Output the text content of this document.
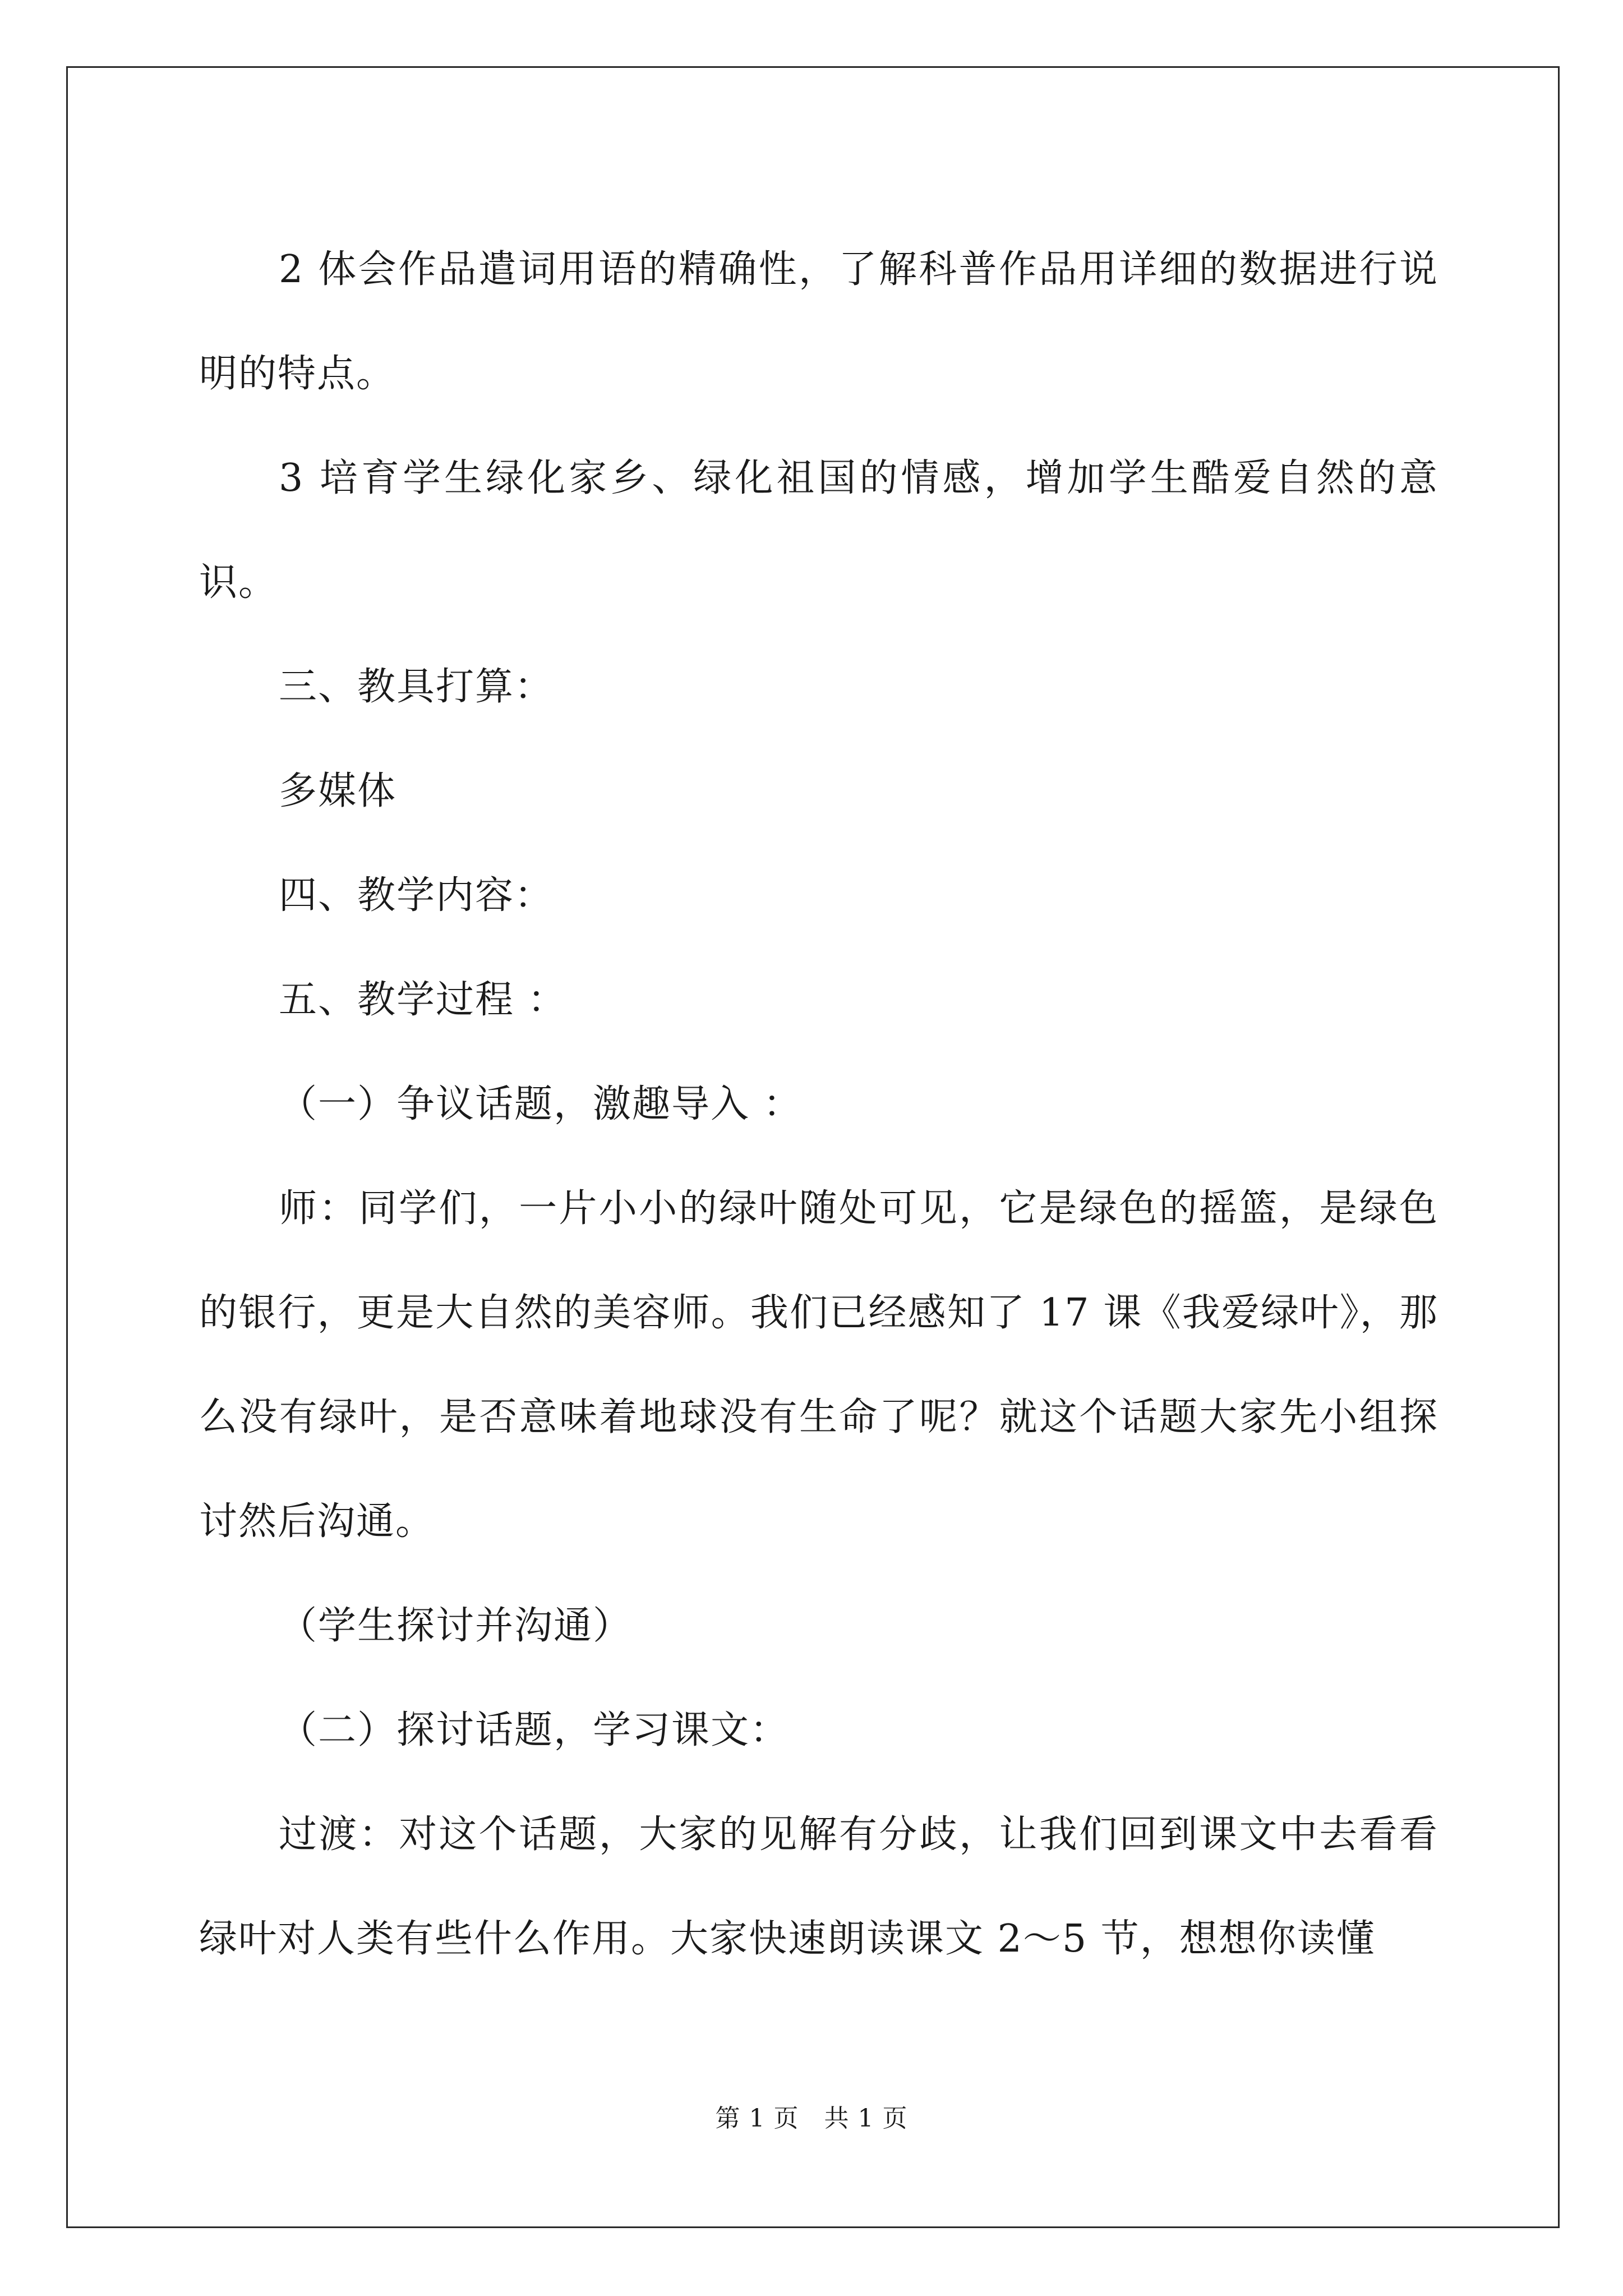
2 体会作品遣词用语的精确性，了解科普作品用详细的数据进行说明的特点。

3 培育学生绿化家乡、绿化祖国的情感，增加学生酷爱自然的意识。

三、教具打算：

多媒体

四、教学内容：

五、教学过程 ：

（一）争议话题，激趣导入 ：

师：同学们，一片小小的绿叶随处可见，它是绿色的摇篮，是绿色的银行，更是大自然的美容师。我们已经感知了 17 课《我爱绿叶》，那么没有绿叶，是否意味着地球没有生命了呢？就这个话题大家先小组探讨然后沟通。

（学生探讨并沟通）

（二）探讨话题，学习课文：

过渡：对这个话题，大家的见解有分歧，让我们回到课文中去看看绿叶对人类有些什么作用。大家快速朗读课文 2～5 节，想想你读懂

第 1 页　共 1 页
